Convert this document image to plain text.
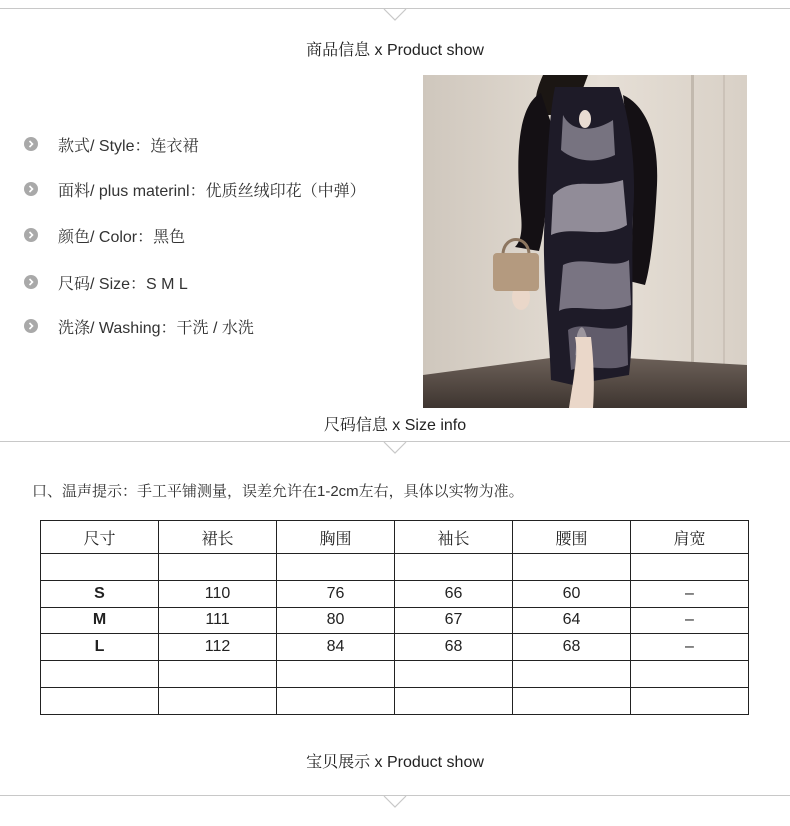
商品信息 x Product show
款式/ Style：连衣裙
面料/ plus materinl：优质丝绒印花（中弹）
颜色/ Color：黑色
尺码/ Size：S M L
洗涤/ Washing：干洗 / 水洗
尺码信息 x Size info
口、温声提示：手工平铺测量，误差允许在1-2cm左右，具体以实物为准。
尺寸	裙长	胸围	袖长	腰围	肩宽

S	110	76	66	60	–
M	111	80	67	64	–
L	112	84	68	68	–

宝贝展示 x Product show
